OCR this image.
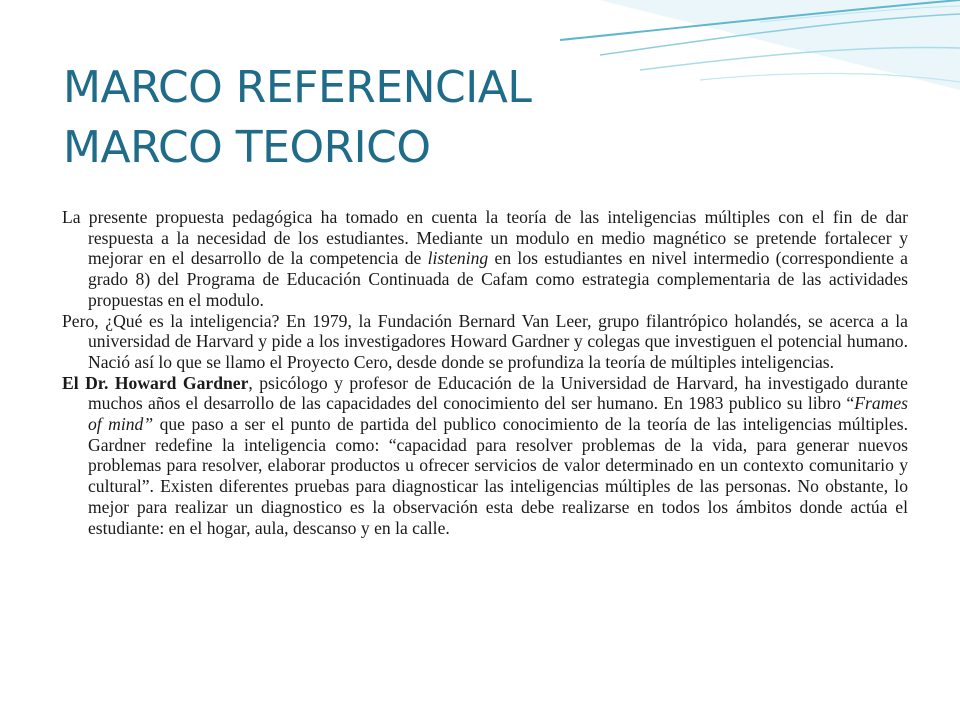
MARCO REFERENCIAL
MARCO TEORICO

La presente propuesta pedagógica ha tomado en cuenta la teoría de las inteligencias múltiples con el fin de dar respuesta a la necesidad de los estudiantes. Mediante un modulo en medio magnético se pretende fortalecer y mejorar en el desarrollo de la competencia de listening en los estudiantes en nivel intermedio (correspondiente a grado 8) del Programa de Educación Continuada de Cafam como estrategia complementaria de las actividades propuestas en el modulo.

Pero, ¿Qué es la inteligencia? En 1979, la Fundación Bernard Van Leer, grupo filantrópico holandés, se acerca a la universidad de Harvard y pide a los investigadores Howard Gardner y colegas que investiguen el potencial humano. Nació así lo que se llamo el Proyecto Cero, desde donde se profundiza la teoría de múltiples inteligencias.

El Dr. Howard Gardner, psicólogo y profesor de Educación de la Universidad de Harvard, ha investigado durante muchos años el desarrollo de las capacidades del conocimiento del ser humano. En 1983 publico su libro “Frames of mind” que paso a ser el punto de partida del publico conocimiento de la teoría de las inteligencias múltiples. Gardner redefine la inteligencia como: “capacidad para resolver problemas de la vida, para generar nuevos problemas para resolver, elaborar productos u ofrecer servicios de valor determinado en un contexto comunitario y cultural”. Existen diferentes pruebas para diagnosticar las inteligencias múltiples de las personas. No obstante, lo mejor para realizar un diagnostico es la observación esta debe realizarse en todos los ámbitos donde actúa el estudiante: en el hogar, aula, descanso y en la calle.
